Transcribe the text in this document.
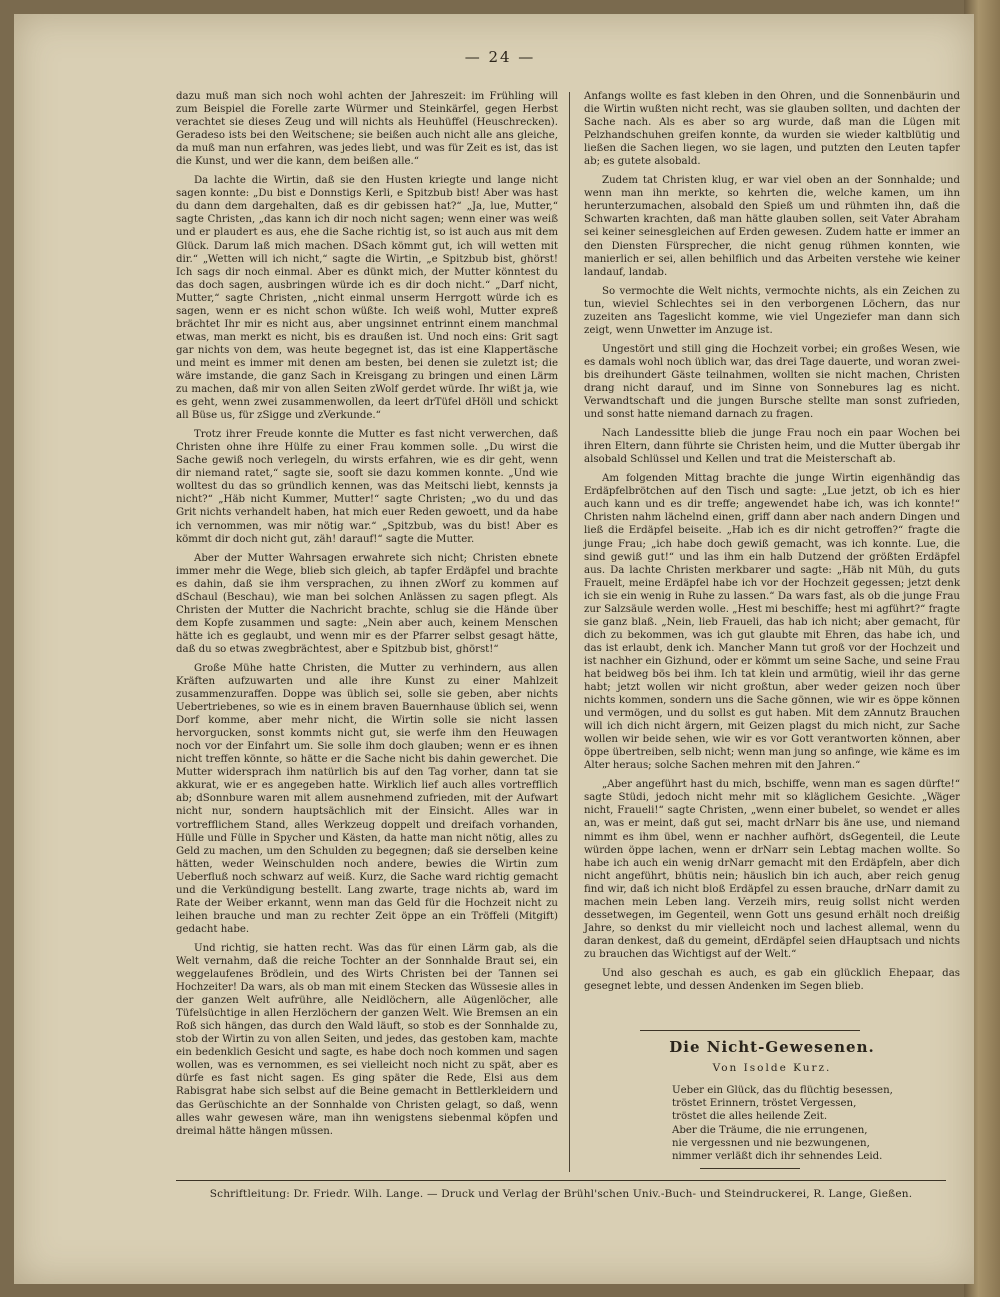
— 24 —

dazu muß man sich noch wohl achten der Jahreszeit: im Frühling will zum Beispiel die Forelle zarte Würmer und Steinkärfel, gegen Herbst verachtet sie dieses Zeug und will nichts als Heuhüffel (Heuschrecken). Geradeso ists bei den Weitschene; sie beißen auch nicht alle ans gleiche, da muß man nun erfahren, was jedes liebt, und was für Zeit es ist, das ist die Kunst, und wer die kann, dem beißen alle.“

Da lachte die Wirtin, daß sie den Husten kriegte und lange nicht sagen konnte: „Du bist e Donnstigs Kerli, e Spitzbub bist! Aber was hast du dann dem dargehalten, daß es dir gebissen hat?“ „Ja, lue, Mutter,“ sagte Christen, „das kann ich dir noch nicht sagen; wenn einer was weiß und er plaudert es aus, ehe die Sache richtig ist, so ist auch aus mit dem Glück. Darum laß mich machen. DSach kömmt gut, ich will wetten mit dir.“ „Wetten will ich nicht,“ sagte die Wirtin, „e Spitzbub bist, ghörst! Ich sags dir noch einmal. Aber es dünkt mich, der Mutter könntest du das doch sagen, ausbringen würde ich es dir doch nicht.“ „Darf nicht, Mutter,“ sagte Christen, „nicht einmal unserm Herrgott würde ich es sagen, wenn er es nicht schon wüßte. Ich weiß wohl, Mutter expreß brächtet Ihr mir es nicht aus, aber ungsinnet entrinnt einem manchmal etwas, man merkt es nicht, bis es draußen ist. Und noch eins: Grit sagt gar nichts von dem, was heute begegnet ist, das ist eine Klappertäsche und meint es immer mit denen am besten, bei denen sie zuletzt ist; die wäre imstande, die ganz Sach in Kreisgang zu bringen und einen Lärm zu machen, daß mir von allen Seiten zWolf gerdet würde. Ihr wißt ja, wie es geht, wenn zwei zusammenwollen, da leert drTüfel dHöll und schickt all Büse us, für zSigge und zVerkunde.“

Trotz ihrer Freude konnte die Mutter es fast nicht verwerchen, daß Christen ohne ihre Hülfe zu einer Frau kommen solle. „Du wirst die Sache gewiß noch verlegeln, du wirsts erfahren, wie es dir geht, wenn dir niemand ratet,“ sagte sie, sooft sie dazu kommen konnte. „Und wie wolltest du das so gründlich kennen, was das Meitschi liebt, kennsts ja nicht?“ „Häb nicht Kummer, Mutter!“ sagte Christen; „wo du und das Grit nichts verhandelt haben, hat mich euer Reden gewoett, und da habe ich vernommen, was mir nötig war.“ „Spitzbub, was du bist! Aber es kömmt dir doch nicht gut, zäh! darauf!“ sagte die Mutter.

Aber der Mutter Wahrsagen erwahrete sich nicht; Christen ebnete immer mehr die Wege, blieb sich gleich, ab tapfer Erdäpfel und brachte es dahin, daß sie ihm versprachen, zu ihnen zWorf zu kommen auf dSchaul (Beschau), wie man bei solchen Anlässen zu sagen pflegt. Als Christen der Mutter die Nachricht brachte, schlug sie die Hände über dem Kopfe zusammen und sagte: „Nein aber auch, keinem Menschen hätte ich es geglaubt, und wenn mir es der Pfarrer selbst gesagt hätte, daß du so etwas zwegbrächtest, aber e Spitzbub bist, ghörst!“

Große Mühe hatte Christen, die Mutter zu verhindern, aus allen Kräften aufzuwarten und alle ihre Kunst zu einer Mahlzeit zusammenzuraffen. Doppe was üblich sei, solle sie geben, aber nichts Uebertriebenes, so wie es in einem braven Bauernhause üblich sei, wenn Dorf komme, aber mehr nicht, die Wirtin solle sie nicht lassen hervorgucken, sonst kommts nicht gut, sie werfe ihm den Heuwagen noch vor der Einfahrt um. Sie solle ihm doch glauben; wenn er es ihnen nicht treffen könnte, so hätte er die Sache nicht bis dahin gewerchet. Die Mutter widersprach ihm natürlich bis auf den Tag vorher, dann tat sie akkurat, wie er es angegeben hatte. Wirklich lief auch alles vortrefflich ab; dSonnbure waren mit allem ausnehmend zufrieden, mit der Aufwart nicht nur, sondern hauptsächlich mit der Einsicht. Alles war in vortrefflichem Stand, alles Werkzeug doppelt und dreifach vorhanden, Hülle und Fülle in Spycher und Kästen, da hatte man nicht nötig, alles zu Geld zu machen, um den Schulden zu begegnen; daß sie derselben keine hätten, weder Weinschulden noch andere, bewies die Wirtin zum Ueberfluß noch schwarz auf weiß. Kurz, die Sache ward richtig gemacht und die Verkündigung bestellt. Lang zwarte, trage nichts ab, ward im Rate der Weiber erkannt, wenn man das Geld für die Hochzeit nicht zu leihen brauche und man zu rechter Zeit öppe an ein Tröffeli (Mitgift) gedacht habe.

Und richtig, sie hatten recht. Was das für einen Lärm gab, als die Welt vernahm, daß die reiche Tochter an der Sonnhalde Braut sei, ein weggelaufenes Brödlein, und des Wirts Christen bei der Tannen sei Hochzeiter! Da wars, als ob man mit einem Stecken das Wüssesie alles in der ganzen Welt aufrühre, alle Neidlöchern, alle Aügenlöcher, alle Tüfelsüchtige in allen Herzlöchern der ganzen Welt. Wie Bremsen an ein Roß sich hängen, das durch den Wald läuft, so stob es der Sonnhalde zu, stob der Wirtin zu von allen Seiten, und jedes, das gestoben kam, machte ein bedenklich Gesicht und sagte, es habe doch noch kommen und sagen wollen, was es vernommen, es sei vielleicht noch nicht zu spät, aber es dürfe es fast nicht sagen. Es ging später die Rede, Elsi aus dem Rabisgrat habe sich selbst auf die Beine gemacht in Bettlerkleidern und das Gerüschichte an der Sonnhalde von Christen gelagt, so daß, wenn alles wahr gewesen wäre, man ihn wenigstens siebenmal köpfen und dreimal hätte hängen müssen.

Anfangs wollte es fast kleben in den Ohren, und die Sonnenbäurin und die Wirtin wußten nicht recht, was sie glauben sollten, und dachten der Sache nach. Als es aber so arg wurde, daß man die Lügen mit Pelzhandschuhen greifen konnte, da wurden sie wieder kaltblütig und ließen die Sachen liegen, wo sie lagen, und putzten den Leuten tapfer ab; es gutete alsobald.

Zudem tat Christen klug, er war viel oben an der Sonnhalde; und wenn man ihn merkte, so kehrten die, welche kamen, um ihn herunterzumachen, alsobald den Spieß um und rühmten ihn, daß die Schwarten krachten, daß man hätte glauben sollen, seit Vater Abraham sei keiner seinesgleichen auf Erden gewesen. Zudem hatte er immer an den Diensten Fürsprecher, die nicht genug rühmen konnten, wie manierlich er sei, allen behilflich und das Arbeiten verstehe wie keiner landauf, landab.

So vermochte die Welt nichts, vermochte nichts, als ein Zeichen zu tun, wieviel Schlechtes sei in den verborgenen Löchern, das nur zuzeiten ans Tageslicht komme, wie viel Ungeziefer man dann sich zeigt, wenn Unwetter im Anzuge ist.

Ungestört und still ging die Hochzeit vorbei; ein großes Wesen, wie es damals wohl noch üblich war, das drei Tage dauerte, und woran zwei- bis dreihundert Gäste teilnahmen, wollten sie nicht machen, Christen drang nicht darauf, und im Sinne von Sonnebures lag es nicht. Verwandtschaft und die jungen Bursche stellte man sonst zufrieden, und sonst hatte niemand darnach zu fragen.

Nach Landessitte blieb die junge Frau noch ein paar Wochen bei ihren Eltern, dann führte sie Christen heim, und die Mutter übergab ihr alsobald Schlüssel und Kellen und trat die Meisterschaft ab.

Am folgenden Mittag brachte die junge Wirtin eigenhändig das Erdäpfelbrötchen auf den Tisch und sagte: „Lue jetzt, ob ich es hier auch kann und es dir treffe; angewendet habe ich, was ich konnte!“ Christen nahm lächelnd einen, griff dann aber nach andern Dingen und ließ die Erdäpfel beiseite. „Hab ich es dir nicht getroffen?“ fragte die junge Frau; „ich habe doch gewiß gemacht, was ich konnte. Lue, die sind gewiß gut!“ und las ihm ein halb Dutzend der größten Erdäpfel aus. Da lachte Christen merkbarer und sagte: „Häb nit Müh, du guts Frauelt, meine Erdäpfel habe ich vor der Hochzeit gegessen; jetzt denk ich sie ein wenig in Ruhe zu lassen.“ Da wars fast, als ob die junge Frau zur Salzsäule werden wolle. „Hest mi beschiffe; hest mi agführt?“ fragte sie ganz blaß. „Nein, lieb Fraueli, das hab ich nicht; aber gemacht, für dich zu bekommen, was ich gut glaubte mit Ehren, das habe ich, und das ist erlaubt, denk ich. Mancher Mann tut groß vor der Hochzeit und ist nachher ein Gizhund, oder er kömmt um seine Sache, und seine Frau hat beidweg bös bei ihm. Ich tat klein und armütig, wieil ihr das gerne habt; jetzt wollen wir nicht großtun, aber weder geizen noch über nichts kommen, sondern uns die Sache gönnen, wie wir es öppe können und vermögen, und du sollst es gut haben. Mit dem zAnnutz Brauchen will ich dich nicht ärgern, mit Geizen plagst du mich nicht, zur Sache wollen wir beide sehen, wie wir es vor Gott verantworten können, aber öppe übertreiben, selb nicht; wenn man jung so anfinge, wie käme es im Alter heraus; solche Sachen mehren mit den Jahren.“

„Aber angeführt hast du mich, bschiffe, wenn man es sagen dürfte!“ sagte Stüdi, jedoch nicht mehr mit so kläglichem Gesichte. „Wäger nicht, Fraueli!“ sagte Christen, „wenn einer bubelet, so wendet er alles an, was er meint, daß gut sei, macht drNarr bis äne use, und niemand nimmt es ihm übel, wenn er nachher aufhört, dsGegenteil, die Leute würden öppe lachen, wenn er drNarr sein Lebtag machen wollte. So habe ich auch ein wenig drNarr gemacht mit den Erdäpfeln, aber dich nicht angeführt, bhütis nein; häuslich bin ich auch, aber reich genug find wir, daß ich nicht bloß Erdäpfel zu essen brauche, drNarr damit zu machen mein Leben lang. Verzeih mirs, reuig sollst nicht werden dessetwegen, im Gegenteil, wenn Gott uns gesund erhält noch dreißig Jahre, so denkst du mir vielleicht noch und lachest allemal, wenn du daran denkest, daß du gemeint, dErdäpfel seien dHauptsach und nichts zu brauchen das Wichtigst auf der Welt.“

Und also geschah es auch, es gab ein glücklich Ehepaar, das gesegnet lebte, und dessen Andenken im Segen blieb.

Die Nicht-Gewesenen.
Von Isolde Kurz.
Ueber ein Glück, das du flüchtig besessen,
tröstet Erinnern, tröstet Vergessen,
tröstet die alles heilende Zeit.
Aber die Träume, die nie errungenen,
nie vergessnen und nie bezwungenen,
nimmer verläßt dich ihr sehnendes Leid.
Schriftleitung: Dr. Friedr. Wilh. Lange. — Druck und Verlag der Brühl'schen Univ.-Buch- und Steindruckerei, R. Lange, Gießen.
